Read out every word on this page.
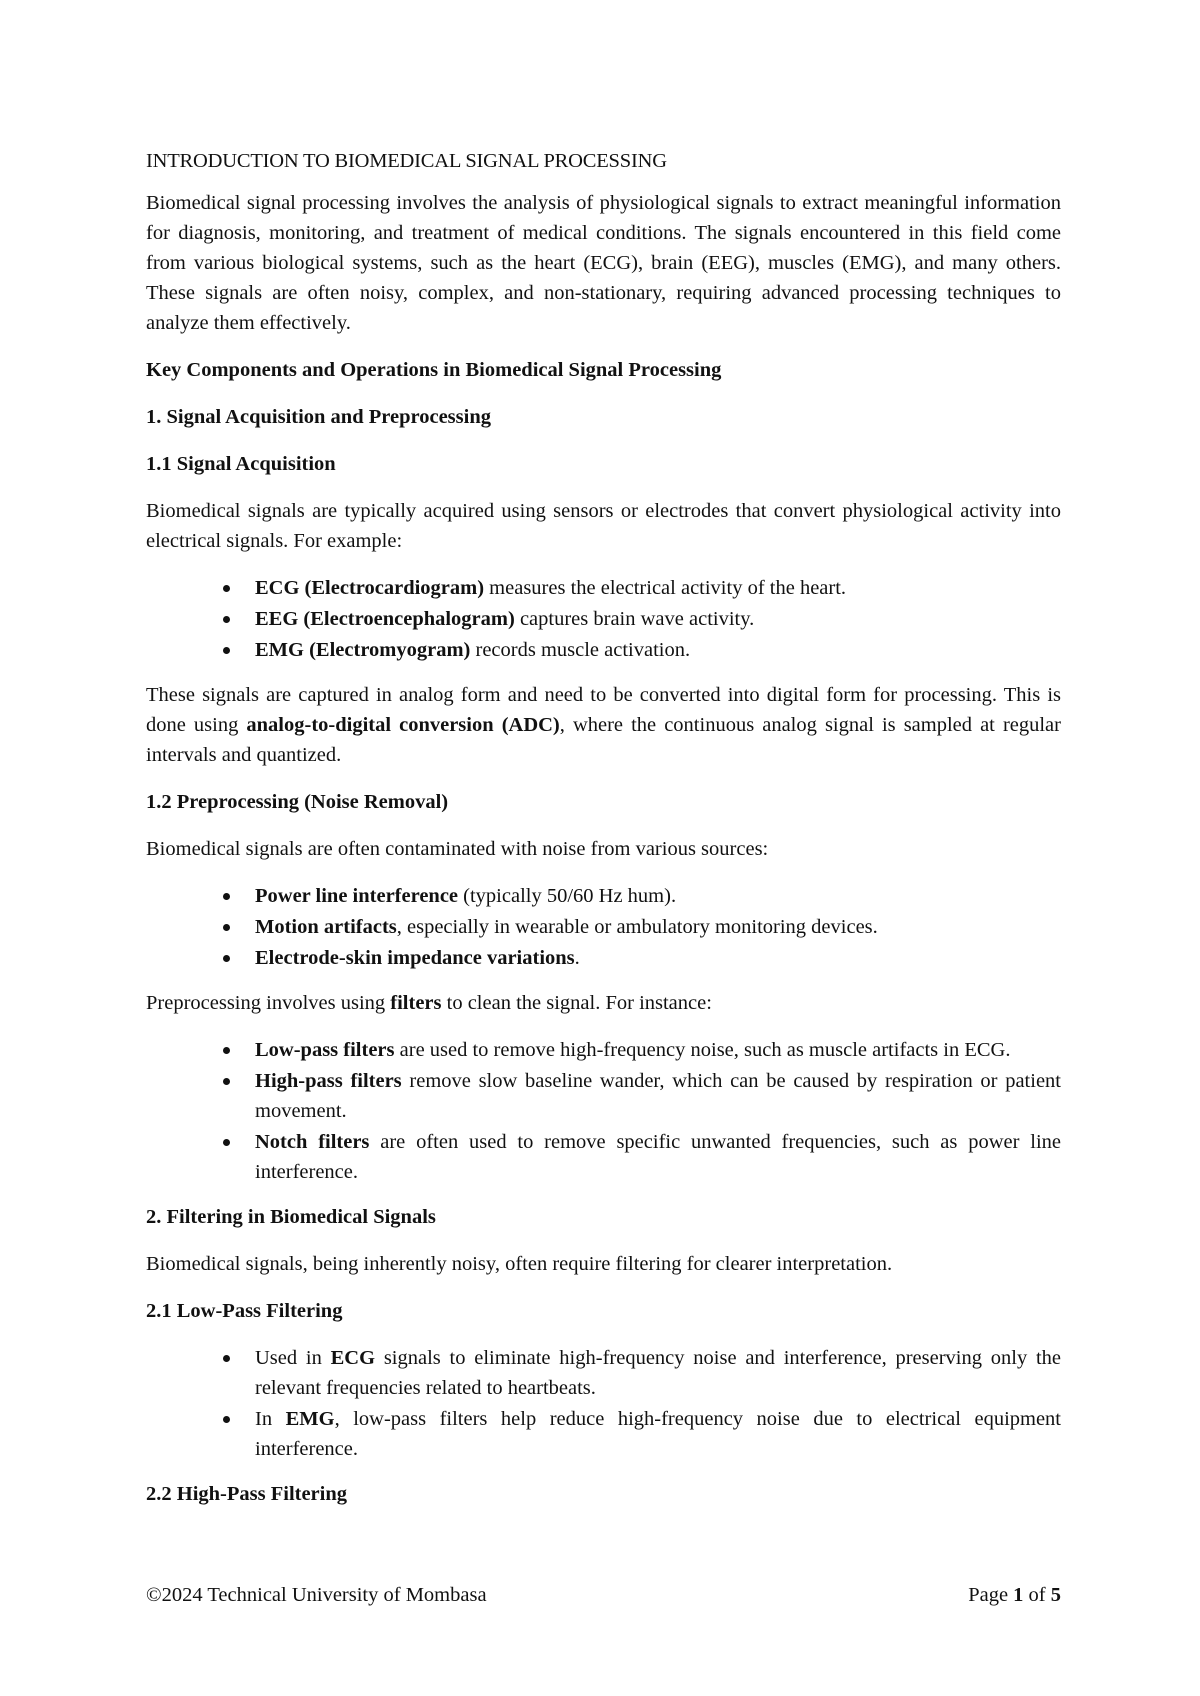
INTRODUCTION TO BIOMEDICAL SIGNAL PROCESSING

Biomedical signal processing involves the analysis of physiological signals to extract meaningful information for diagnosis, monitoring, and treatment of medical conditions. The signals encountered in this field come from various biological systems, such as the heart (ECG), brain (EEG), muscles (EMG), and many others. These signals are often noisy, complex, and non-stationary, requiring advanced processing techniques to analyze them effectively.

Key Components and Operations in Biomedical Signal Processing
1. Signal Acquisition and Preprocessing
1.1 Signal Acquisition

Biomedical signals are typically acquired using sensors or electrodes that convert physiological activity into electrical signals. For example:

ECG (Electrocardiogram) measures the electrical activity of the heart.
EEG (Electroencephalogram) captures brain wave activity.
EMG (Electromyogram) records muscle activation.

These signals are captured in analog form and need to be converted into digital form for processing. This is done using analog-to-digital conversion (ADC), where the continuous analog signal is sampled at regular intervals and quantized.

1.2 Preprocessing (Noise Removal)

Biomedical signals are often contaminated with noise from various sources:

Power line interference (typically 50/60 Hz hum).
Motion artifacts, especially in wearable or ambulatory monitoring devices.
Electrode-skin impedance variations.

Preprocessing involves using filters to clean the signal. For instance:

Low-pass filters are used to remove high-frequency noise, such as muscle artifacts in ECG.
High-pass filters remove slow baseline wander, which can be caused by respiration or patient movement.
Notch filters are often used to remove specific unwanted frequencies, such as power line interference.
2. Filtering in Biomedical Signals

Biomedical signals, being inherently noisy, often require filtering for clearer interpretation.

2.1 Low-Pass Filtering
Used in ECG signals to eliminate high-frequency noise and interference, preserving only the relevant frequencies related to heartbeats.
In EMG, low-pass filters help reduce high-frequency noise due to electrical equipment interference.
2.2 High-Pass Filtering
©2024 Technical University of Mombasa	Page 1 of 5
